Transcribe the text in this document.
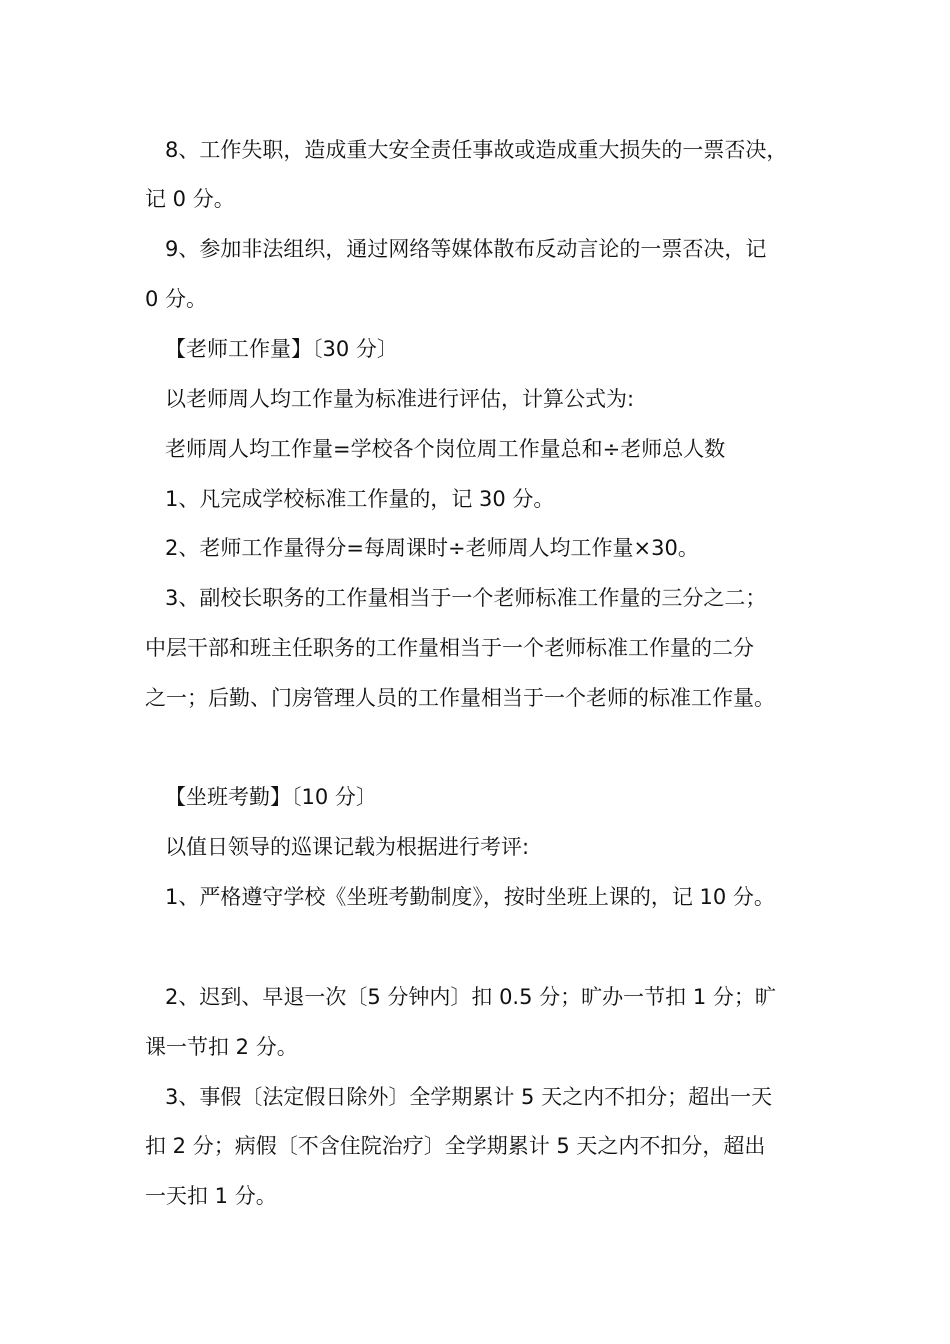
8、工作失职，造成重大安全责任事故或造成重大损失的一票否决，
记 0 分。
9、参加非法组织，通过网络等媒体散布反动言论的一票否决，记
0 分。
【老师工作量】〔30 分〕
以老师周人均工作量为标准进行评估，计算公式为:
老师周人均工作量=学校各个岗位周工作量总和÷老师总人数
1、凡完成学校标准工作量的，记 30 分。
2、老师工作量得分=每周课时÷老师周人均工作量×30。
3、副校长职务的工作量相当于一个老师标准工作量的三分之二；
中层干部和班主任职务的工作量相当于一个老师标准工作量的二分
之一；后勤、门房管理人员的工作量相当于一个老师的标准工作量。
【坐班考勤】〔10 分〕
以值日领导的巡课记载为根据进行考评:
1、严格遵守学校《坐班考勤制度》，按时坐班上课的，记 10 分。
2、迟到、早退一次〔5 分钟内〕扣 0.5 分；旷办一节扣 1 分；旷
课一节扣 2 分。
3、事假〔法定假日除外〕全学期累计 5 天之内不扣分；超出一天
扣 2 分；病假〔不含住院治疗〕全学期累计 5 天之内不扣分，超出
一天扣 1 分。
